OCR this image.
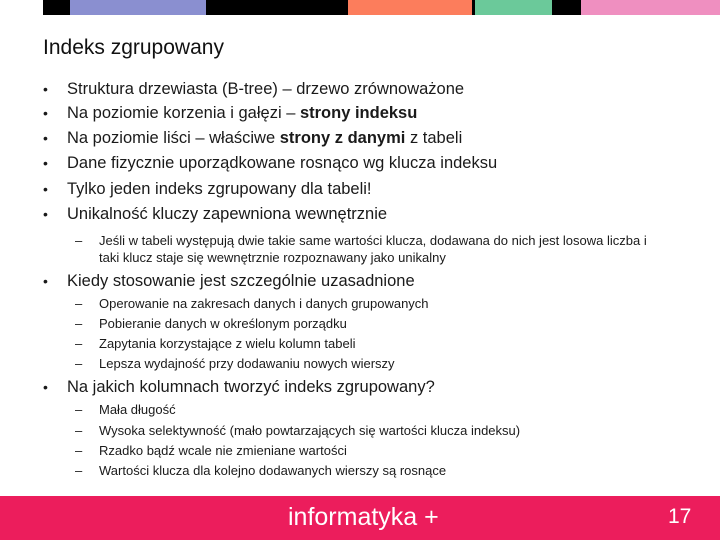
Indeks zgrupowany
• Struktura drzewiasta (B-tree) – drzewo zrównoważone
• Na poziomie korzenia i gałęzi – strony indeksu
• Na poziomie liści – właściwe strony z danymi z tabeli
• Dane fizycznie uporządkowane rosnąco wg klucza indeksu
• Tylko jeden indeks zgrupowany dla tabeli!
• Unikalność kluczy zapewniona wewnętrznie
– Jeśli w tabeli występują dwie takie same wartości klucza, dodawana do nich jest losowa liczba i taki klucz staje się wewnętrznie rozpoznawany jako unikalny
• Kiedy stosowanie jest szczególnie uzasadnione
– Operowanie na zakresach danych i danych grupowanych
– Pobieranie danych w określonym porządku
– Zapytania korzystające z wielu kolumn tabeli
– Lepsza wydajność przy dodawaniu nowych wierszy
• Na jakich kolumnach tworzyć indeks zgrupowany?
– Mała długość
– Wysoka selektywność (mało powtarzających się wartości klucza indeksu)
– Rzadko bądź wcale nie zmieniane wartości
– Wartości klucza dla kolejno dodawanych wierszy są rosnące
informatyka +	17
